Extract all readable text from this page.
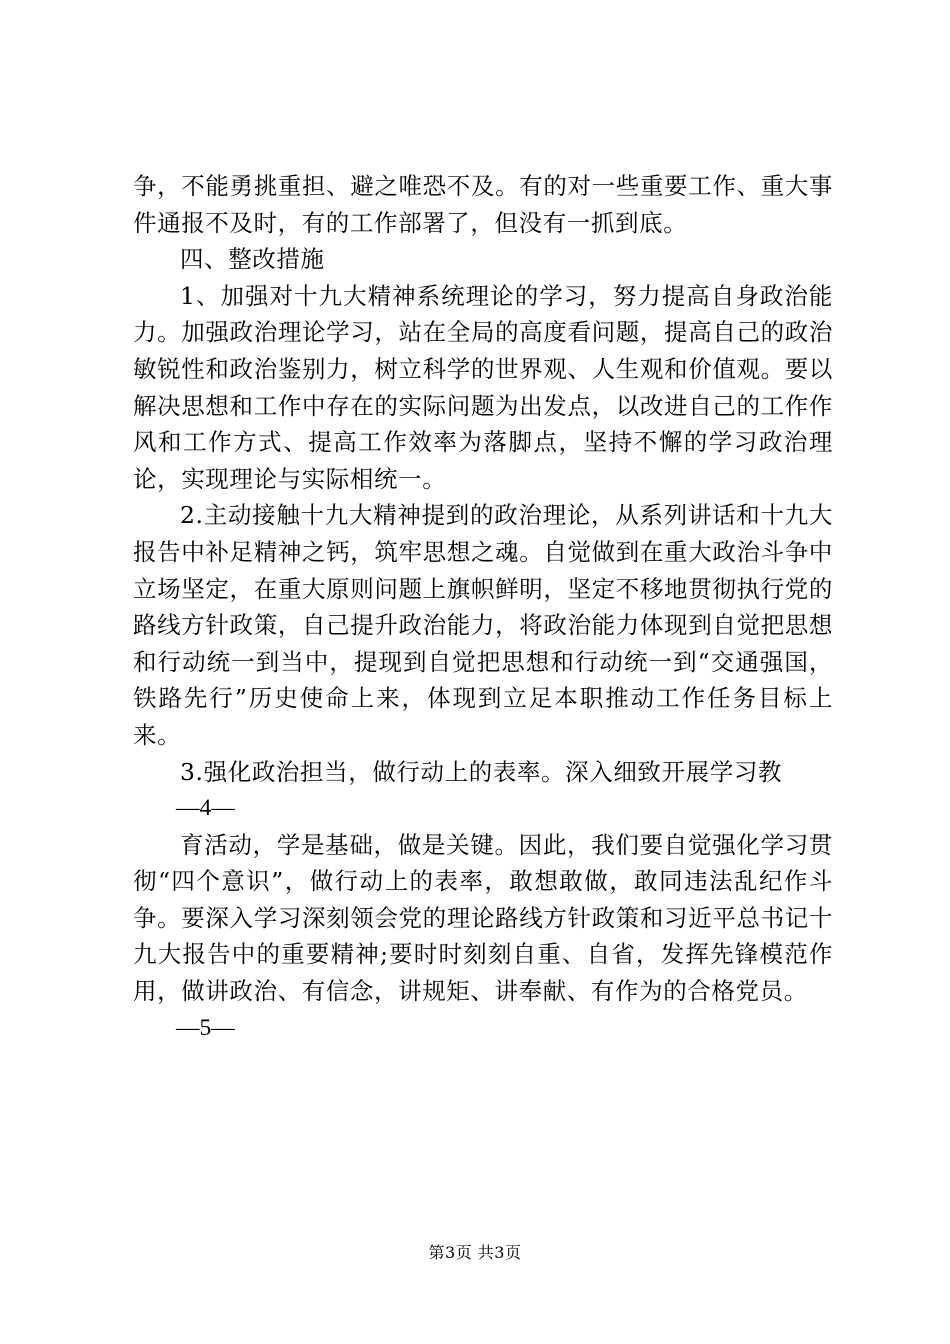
争，不能勇挑重担、避之唯恐不及。有的对一些重要工作、重大事件通报不及时，有的工作部署了，但没有一抓到底。

四、整改措施

1、加强对十九大精神系统理论的学习，努力提高自身政治能力。加强政治理论学习，站在全局的高度看问题，提高自己的政治敏锐性和政治鉴别力，树立科学的世界观、人生观和价值观。要以解决思想和工作中存在的实际问题为出发点，以改进自己的工作作风和工作方式、提高工作效率为落脚点，坚持不懈的学习政治理论，实现理论与实际相统一。

2.主动接触十九大精神提到的政治理论，从系列讲话和十九大报告中补足精神之钙，筑牢思想之魂。自觉做到在重大政治斗争中立场坚定，在重大原则问题上旗帜鲜明，坚定不移地贯彻执行党的路线方针政策，自己提升政治能力，将政治能力体现到自觉把思想和行动统一到当中，提现到自觉把思想和行动统一到“交通强国，铁路先行”历史使命上来，体现到立足本职推动工作任务目标上来。

3.强化政治担当，做行动上的表率。深入细致开展学习教

—4—

育活动，学是基础，做是关键。因此，我们要自觉强化学习贯彻“四个意识”，做行动上的表率，敢想敢做，敢同违法乱纪作斗争。要深入学习深刻领会党的理论路线方针政策和习近平总书记十九大报告中的重要精神;要时时刻刻自重、自省，发挥先锋模范作用，做讲政治、有信念，讲规矩、讲奉献、有作为的合格党员。

—5—

第3页 共3页
